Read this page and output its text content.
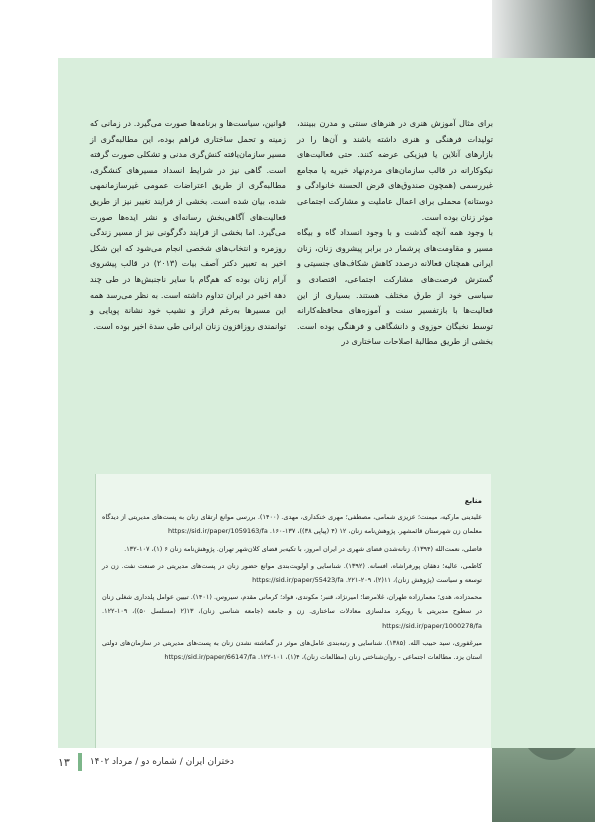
برای مثال آموزش هنری در هنرهای سنتی و مدرن ببینند، تولیدات فرهنگی و هنری داشته باشند و آن‌ها را در بازارهای آنلاین یا فیزیکی عرضه کنند. حتی فعالیت‌های نیکوکارانه در قالب سازمان‌های مردم‌نهاد خیریه یا مجامع غیررسمی (همچون صندوق‌های قرض الحسنة خانوادگی و دوستانه) محملی برای اعمال عاملیت و مشارکت اجتماعی موثر زنان بوده است.

با وجود همه آنچه گذشت و با وجود انسداد گاه و بیگاه مسیر و مقاومت‌های پرشمار در برابر پیشروی زنان، زنان ایرانی همچنان فعالانه درصدد کاهش شکاف‌های جنسیتی و گسترش فرصت‌های مشارکت اجتماعی، اقتصادی و سیاسی خود از طرق مختلف هستند. بسیاری از این فعالیت‌ها با بازتفسیر سنت و آموزه‌های محافظه‌کارانه توسط نخبگان حوزوی و دانشگاهی و فرهنگی بوده است. بخشی از طریق مطالبهٔ اصلاحات ساختاری در

قوانین، سیاست‌ها و برنامه‌ها صورت می‌گیرد. در زمانی که زمینه و تحمل ساختاری فراهم بوده، این مطالبه‌گری از مسیر سازمان‌یافته کنش‌گری مدنی و تشکلی صورت گرفته است. گاهی نیز در شرایط انسداد مسیرهای کنشگری، مطالبه‌گری از طریق اعتراضات عمومی غیرسازمانمهی شده، بیان شده است. بخشی از فرایند تغییر نیز از طریق فعالیت‌های آگاهی‌بخش رسانه‌ای و نشر ایده‌ها صورت می‌گیرد. اما بخشی از فرایند دگرگونی نیز از مسیر زندگی روزمره و انتخاب‌های شخصی انجام می‌شود که این شکل اخیر به تعبیر دکتر آصف بیات (۲۰۱۳) در قالب پیشروی آرام زنان بوده که هم‌گام با سایر ناجنبش‌ها در طی چند دهة اخیر در ایران تداوم داشته است. به نظر می‌رسد همه این مسیرها به‌رغم فراز و نشیب خود نشانة پویایی و توانمندی روزافزون زنان ایرانی طی سدة اخیر بوده است.

منابع

علیدینی مارکیه، میمنت؛ عزیزی شمامی، مصطفی؛ مهری خنکداری، مهدی. (۱۴۰۰). بررسی موانع ارتقای زنان به پست‌های مدیریتی از دیدگاه معلمان زن شهرستان قائمشهر. پژوهش‌نامه زنان، ۱۲ (۴ (پیاپی ۳۸))، ۱۳۷-۱۶۰. https://sid.ir/paper/1059163/fa

فاضلی، نعمت‌الله (۱۳۹۴). زنانه‌شدن فضای شهری در ایران امروز، با تکیه‌بر فضای کلان‌شهر تهران. پژوهش‌نامه زنان ۶ (۱)، ۱۰۷-۱۳۲.

کاظمی، عالیه؛ دهقان پورفراشاه، افسانه. (۱۳۹۲). شناسایی و اولویت‌بندی موانع حضور زنان در پست‌های مدیریتی در صنعت نفت. زن در توسعه و سیاست (پژوهش زنان)، ۱۱(۲)، ۲۰۹-۲۲۱. https://sid.ir/paper/55423/fa

محمدزاده، هدی؛ معمارزاده طهران، غلامرضا؛ امیرنژاد، قنبر؛ مکوندی، فواد؛ کرمانی مقدم، سیروس. (۱۴۰۱). تبیین عوامل پلدداری شغلی زنان در سطوح مدیریتی با رویکرد مدلسازی معادلات ساختاری. زن و جامعه (جامعه شناسی زنان)، ۱۳(۲ (مسلسل ۵۰))، ۱۰۹-۱۲۲. https://sid.ir/paper/1000278/fa

میرغفوری، سید حبیب الله. (۱۳۸۵). شناسایی و رتبه‌بندی عامل‌های موثر در گماشته نشدن زنان به پست‌های مدیریتی در سازمان‌های دولتی استان یزد. مطالعات اجتماعی - روان‌شناختی زنان (مطالعات زنان)، ۴(۱)، ۱۰۱-۱۲۲. https://sid.ir/paper/66147/fa

۱۳ دختران ایران / شماره دو / مرداد ۱۴۰۲
